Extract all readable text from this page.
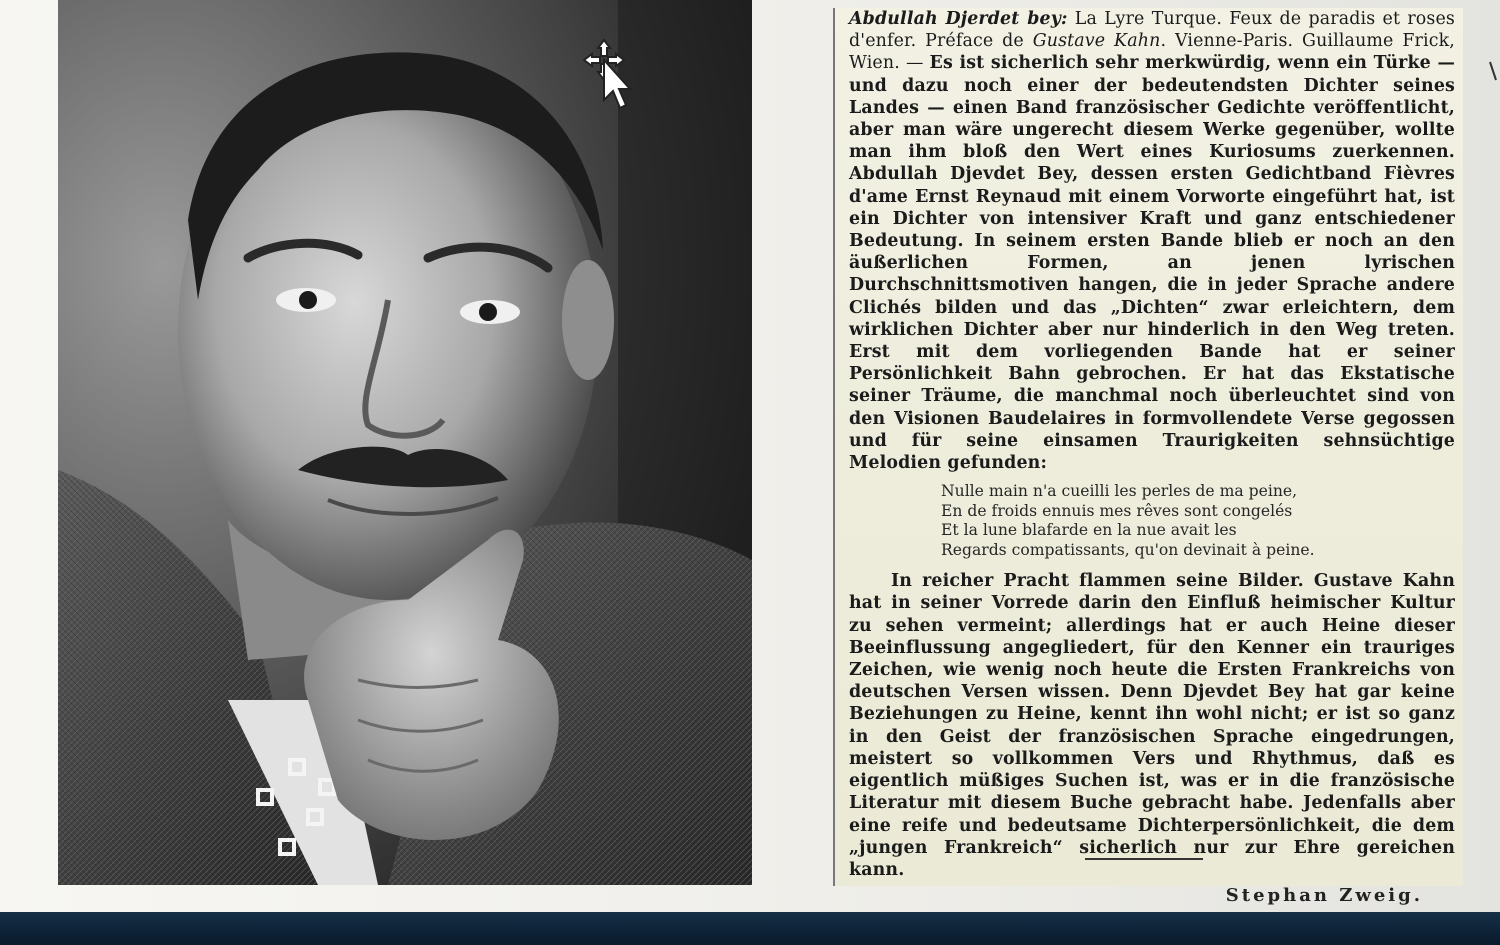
Abdullah Djerdet bey: La Lyre Turque. Feux de paradis et roses d'enfer. Préface de Gustave Kahn. Vienne-Paris. Guillaume Frick, Wien. — Es ist sicherlich sehr merkwürdig, wenn ein Türke — und dazu noch einer der bedeutendsten Dichter seines Landes — einen Band französischer Gedichte veröffentlicht, aber man wäre ungerecht diesem Werke gegenüber, wollte man ihm bloß den Wert eines Kuriosums zuerkennen. Abdullah Djevdet Bey, dessen ersten Gedichtband Fièvres d'ame Ernst Reynaud mit einem Vorworte eingeführt hat, ist ein Dichter von intensiver Kraft und ganz entschiedener Bedeutung. In seinem ersten Bande blieb er noch an den äußerlichen Formen, an jenen lyrischen Durchschnittsmotiven hangen, die in jeder Sprache andere Clichés bilden und das „Dichten“ zwar erleichtern, dem wirklichen Dichter aber nur hinderlich in den Weg treten. Erst mit dem vorliegenden Bande hat er seiner Persönlichkeit Bahn gebrochen. Er hat das Ekstatische seiner Träume, die manchmal noch überleuchtet sind von den Visionen Baudelaires in formvollendete Verse gegossen und für seine einsamen Traurigkeiten sehnsüchtige Melodien gefunden:
Nulle main n'a cueilli les perles de ma peine,
En de froids ennuis mes rêves sont congelés
Et la lune blafarde en la nue avait les
Regards compatissants, qu'on devinait à peine.
In reicher Pracht flammen seine Bilder. Gustave Kahn hat in seiner Vorrede darin den Einfluß heimischer Kultur zu sehen vermeint; allerdings hat er auch Heine dieser Beeinflussung angegliedert, für den Kenner ein trauriges Zeichen, wie wenig noch heute die Ersten Frankreichs von deutschen Versen wissen. Denn Djevdet Bey hat gar keine Beziehungen zu Heine, kennt ihn wohl nicht; er ist so ganz in den Geist der französischen Sprache eingedrungen, meistert so vollkommen Vers und Rhythmus, daß es eigentlich müßiges Suchen ist, was er in die französische Literatur mit diesem Buche gebracht habe. Jedenfalls aber eine reife und bedeutsame Dichterpersönlichkeit, die dem „jungen Frankreich“ sicherlich nur zur Ehre gereichen kann.
Stephan Zweig.
